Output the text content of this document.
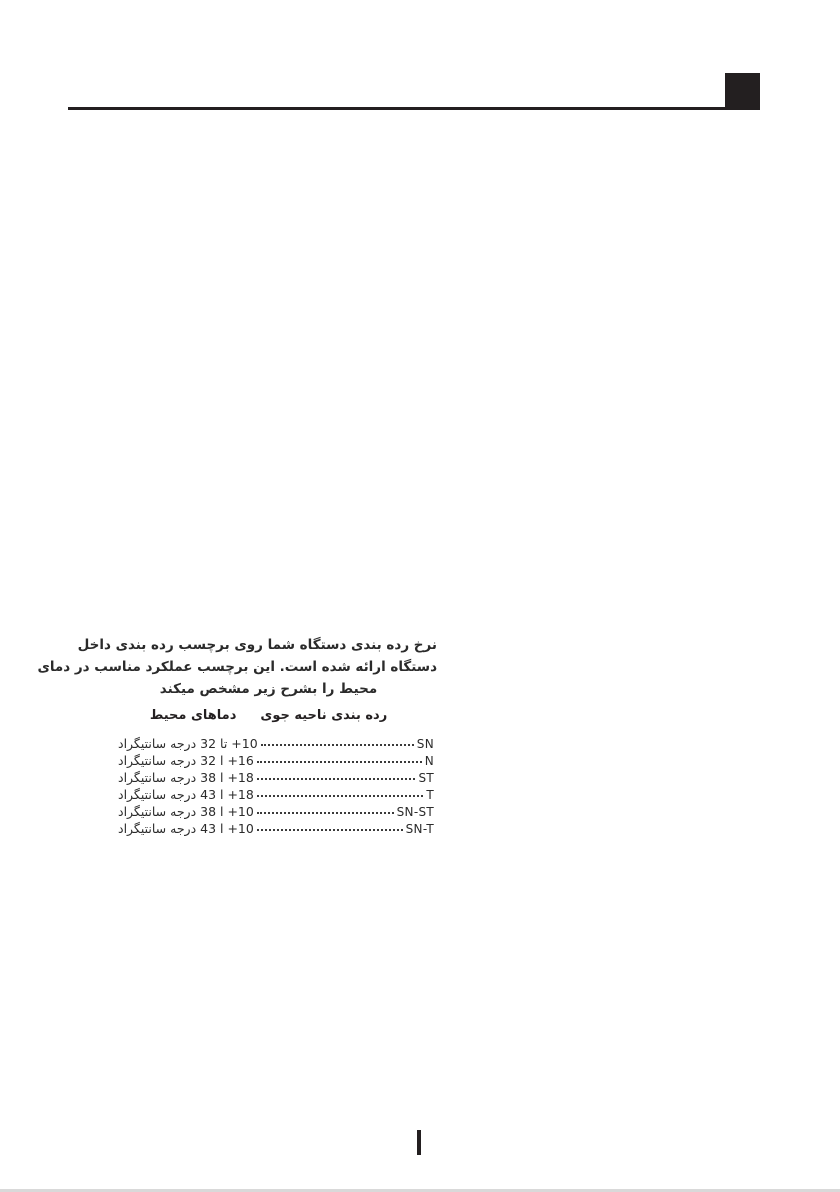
نرخ رده بندی دستگاه شما روی برچسب رده بندی داخل
دستگاه ارائه شده است. این برچسب عملکرد مناسب در دمای
محیط را بشرح زیر مشخص میکند
رده بندی ناحیه جویدماهای محیط
SN
‎+10 تا 32 درجه سانتیگراد
N
‎+16 ا 32 درجه سانتیگراد
ST
‎+18 ا 38 درجه سانتیگراد
T
‎+18 ا 43 درجه سانتیگراد
SN-ST
‎+10 ا 38 درجه سانتیگراد
SN-T
‎+10 ا 43 درجه سانتیگراد
